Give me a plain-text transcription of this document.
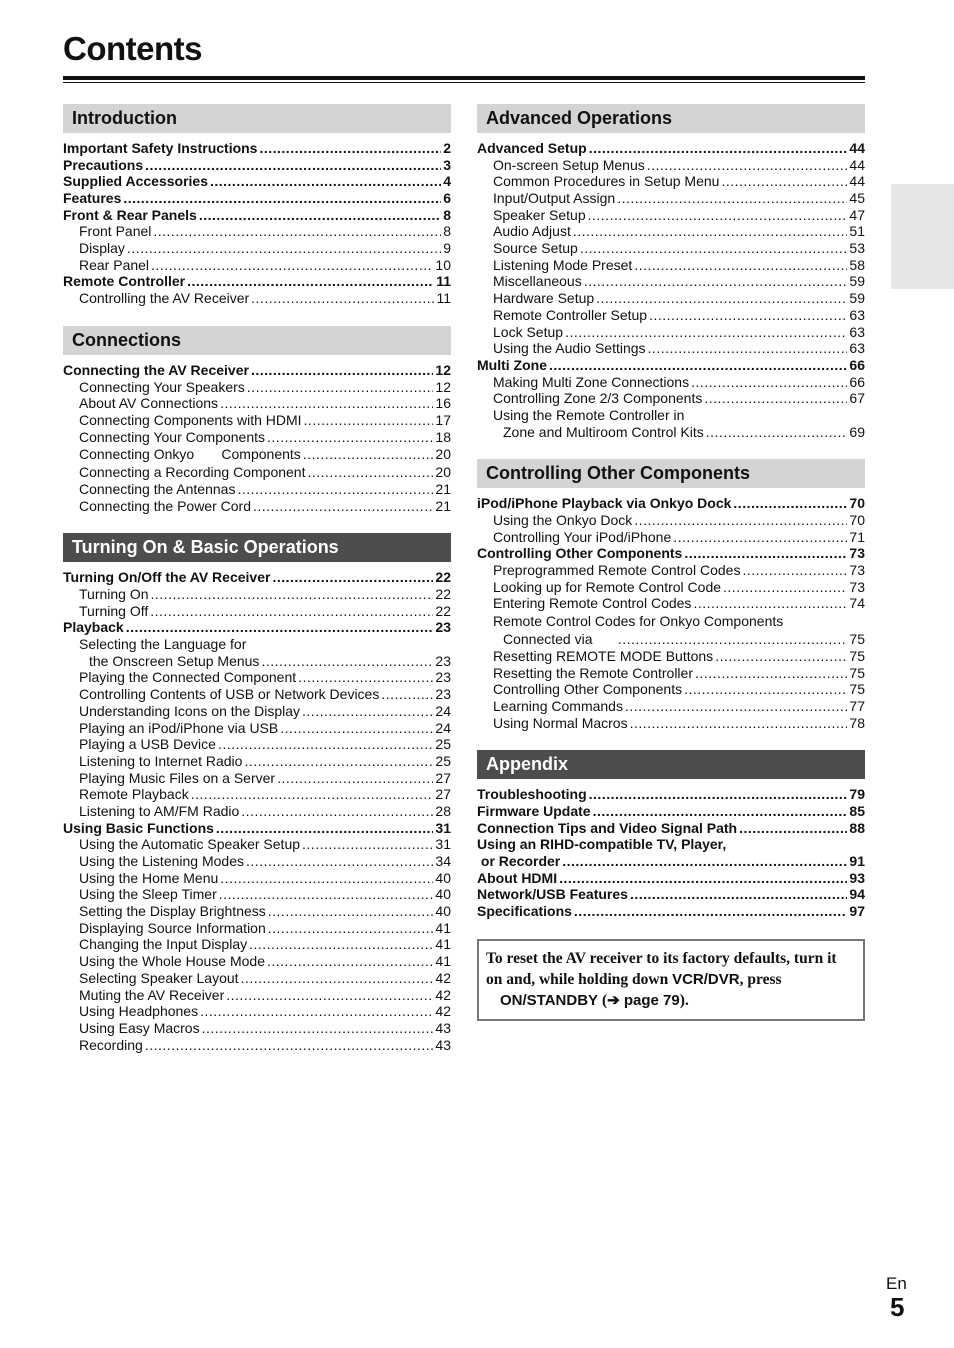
Contents
Introduction
Important Safety Instructions .....	2
Precautions .....	3
Supplied Accessories .....	4
Features .....	6
Front & Rear Panels .....	8
Front Panel .....	8
Display .....	9
Rear Panel .....	10
Remote Controller .....	11
Controlling the AV Receiver .....	11
Connections
Connecting the AV Receiver .....	12
Connecting Your Speakers .....	12
About AV Connections .....	16
Connecting Components with HDMI .....	17
Connecting Your Components .....	18
Connecting Onkyo       Components .....	20
Connecting a Recording Component .....	20
Connecting the Antennas .....	21
Connecting the Power Cord .....	21
Turning On & Basic Operations
Turning On/Off the AV Receiver .....	22
Turning On .....	22
Turning Off .....	22
Playback .....	23
Selecting the Language for
the Onscreen Setup Menus .....	23
Playing the Connected Component .....	23
Controlling Contents of USB or Network Devices .....	23
Understanding Icons on the Display .....	24
Playing an iPod/iPhone via USB .....	24
Playing a USB Device .....	25
Listening to Internet Radio .....	25
Playing Music Files on a Server .....	27
Remote Playback .....	27
Listening to AM/FM Radio .....	28
Using Basic Functions .....	31
Using the Automatic Speaker Setup .....	31
Using the Listening Modes .....	34
Using the Home Menu .....	40
Using the Sleep Timer .....	40
Setting the Display Brightness .....	40
Displaying Source Information .....	41
Changing the Input Display .....	41
Using the Whole House Mode .....	41
Selecting Speaker Layout .....	42
Muting the AV Receiver .....	42
Using Headphones .....	42
Using Easy Macros .....	43
Recording .....	43
Advanced Operations
Advanced Setup .....	44
On-screen Setup Menus .....	44
Common Procedures in Setup Menu .....	44
Input/Output Assign .....	45
Speaker Setup .....	47
Audio Adjust .....	51
Source Setup .....	53
Listening Mode Preset .....	58
Miscellaneous .....	59
Hardware Setup .....	59
Remote Controller Setup .....	63
Lock Setup .....	63
Using the Audio Settings .....	63
Multi Zone .....	66
Making Multi Zone Connections .....	66
Controlling Zone 2/3 Components .....	67
Using the Remote Controller in
Zone and Multiroom Control Kits .....	69
Controlling Other Components
iPod/iPhone Playback via Onkyo Dock .....	70
Using the Onkyo Dock .....	70
Controlling Your iPod/iPhone .....	71
Controlling Other Components .....	73
Preprogrammed Remote Control Codes .....	73
Looking up for Remote Control Code .....	73
Entering Remote Control Codes .....	74
Remote Control Codes for Onkyo Components
Connected via .....	75
Resetting REMOTE MODE Buttons .....	75
Resetting the Remote Controller .....	75
Controlling Other Components .....	75
Learning Commands .....	77
Using Normal Macros .....	78
Appendix
Troubleshooting .....	79
Firmware Update .....	85
Connection Tips and Video Signal Path .....	88
Using an RIHD-compatible TV, Player,
or Recorder .....	91
About HDMI .....	93
Network/USB Features .....	94
Specifications .....	97
To reset the AV receiver to its factory defaults, turn it on and, while holding down VCR/DVR, press
ON/STANDBY (➔ page 79).
En
5
